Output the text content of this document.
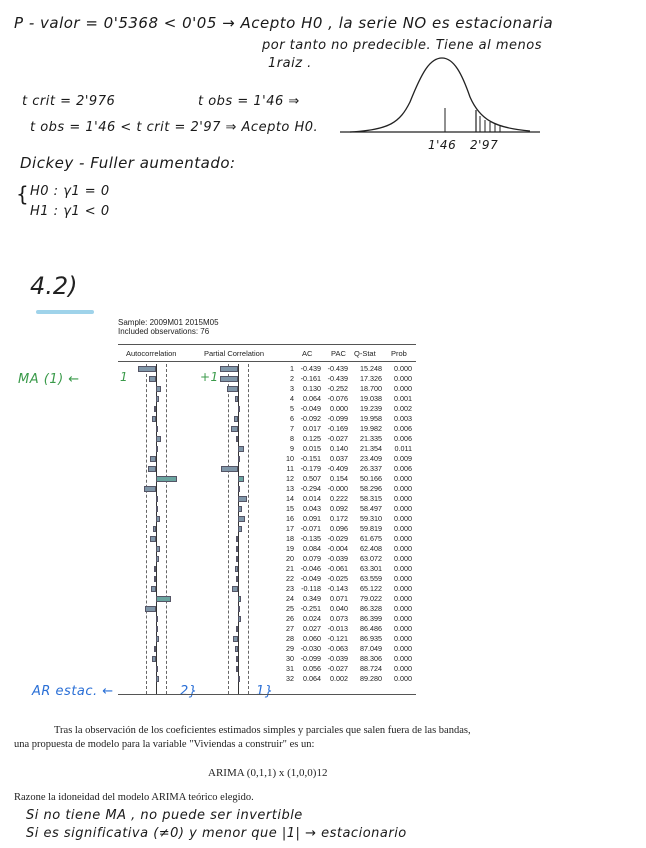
P - valor = 0'5368 < 0'05 → Acepto H0 , la serie NO es estacionaria
por tanto no predecible. Tiene al menos
1raiz .
t crit = 2'976	t obs = 1'46 ⇒
t obs = 1'46 < t crit = 2'97 ⇒ Acepto H0.
1'46 2'97
Dickey - Fuller aumentado:
{ H0 : γ1 = 0
H1 : γ1 < 0
4.2)
MA (1) ←	1	+1
AR estac. ←	2}	1}
Sample: 2009M01 2015M05
Included observations: 76
Autocorrelation	Partial Correlation	AC PAC Q-Stat Prob
1 -0.439 -0.439	15.248	0.000
2 -0.161 -0.439	17.326	0.000
3	0.130 -0.252	18.700	0.000
4	0.064 -0.076	19.038	0.001
5 -0.049	0.000	19.239	0.002
6 -0.092 -0.099	19.958	0.003
7	0.017 -0.169	19.982	0.006
8	0.125 -0.027	21.335	0.006
9	0.015	0.140	21.354	0.011
10 -0.151	0.037	23.409	0.009
11 -0.179 -0.409	26.337	0.006
12	0.507	0.154	50.166	0.000
13 -0.294 -0.000	58.296	0.000
14	0.014	0.222	58.315	0.000
15	0.043	0.092	58.497	0.000
16	0.091	0.172	59.310	0.000
17 -0.071	0.096	59.819	0.000
18 -0.135 -0.029	61.675	0.000
19	0.084 -0.004	62.408	0.000
20	0.079 -0.039	63.072	0.000
21 -0.046 -0.061	63.301	0.000
22 -0.049 -0.025	63.559	0.000
23 -0.118 -0.143	65.122	0.000
24	0.349	0.071	79.022	0.000
25 -0.251	0.040	86.328	0.000
26	0.024	0.073	86.399	0.000
27	0.027 -0.013	86.486	0.000
28	0.060 -0.121	86.935	0.000
29 -0.030 -0.063	87.049	0.000
30 -0.099 -0.039	88.306	0.000
31	0.056 -0.027	88.724	0.000
32	0.064	0.002	89.280	0.000

Tras la observación de los coeficientes estimados simples y parciales que salen fuera de las bandas, una propuesta de modelo para la variable "Viviendas a construir" es un:

ARIMA (0,1,1) x (1,0,0)12
Razone la idoneidad del modelo ARIMA teórico elegido.
Si no tiene MA , no puede ser invertible
Si es significativa (≠0) y menor que |1| → estacionario
